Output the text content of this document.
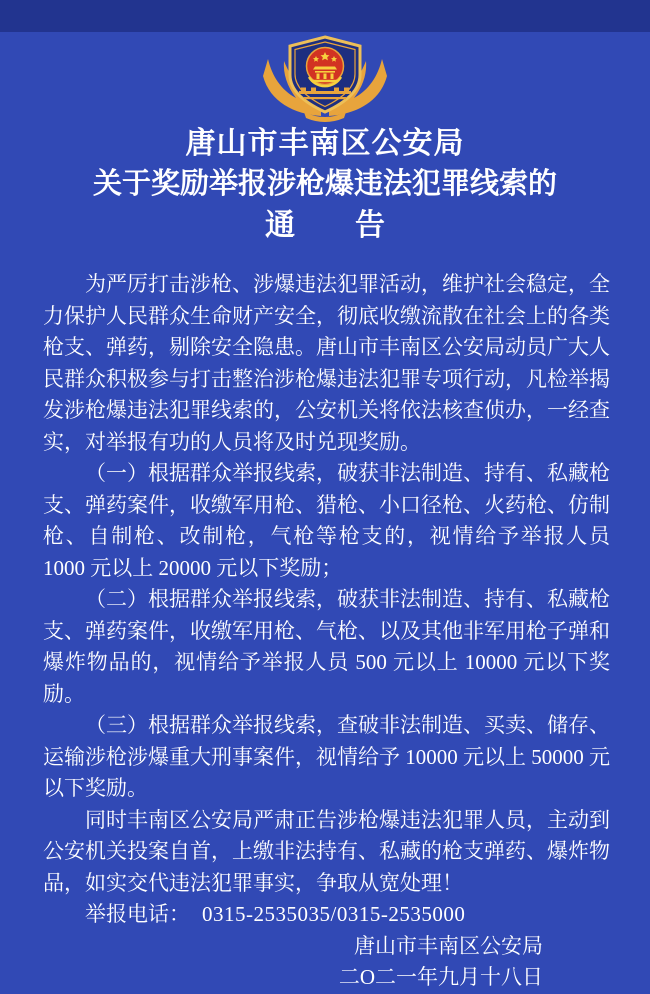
唐山市丰南区公安局
关于奖励举报涉枪爆违法犯罪线索的
通　　告

为严厉打击涉枪、涉爆违法犯罪活动，维护社会稳定，全力保护人民群众生命财产安全，彻底收缴流散在社会上的各类枪支、弹药，剔除安全隐患。唐山市丰南区公安局动员广大人民群众积极参与打击整治涉枪爆违法犯罪专项行动，凡检举揭发涉枪爆违法犯罪线索的，公安机关将依法核查侦办，一经查实，对举报有功的人员将及时兑现奖励。

（一）根据群众举报线索，破获非法制造、持有、私藏枪支、弹药案件，收缴军用枪、猎枪、小口径枪、火药枪、仿制枪、自制枪、改制枪，气枪等枪支的，视情给予举报人员 1000 元以上 20000 元以下奖励；

（二）根据群众举报线索，破获非法制造、持有、私藏枪支、弹药案件，收缴军用枪、气枪、以及其他非军用枪子弹和爆炸物品的，视情给予举报人员 500 元以上 10000 元以下奖励。

（三）根据群众举报线索，查破非法制造、买卖、储存、运输涉枪涉爆重大刑事案件，视情给予 10000 元以上 50000 元以下奖励。

同时丰南区公安局严肃正告涉枪爆违法犯罪人员，主动到公安机关投案自首，上缴非法持有、私藏的枪支弹药、爆炸物品，如实交代违法犯罪事实，争取从宽处理！

举报电话： 0315-2535035/0315-2535000

唐山市丰南区公安局
二O二一年九月十八日
